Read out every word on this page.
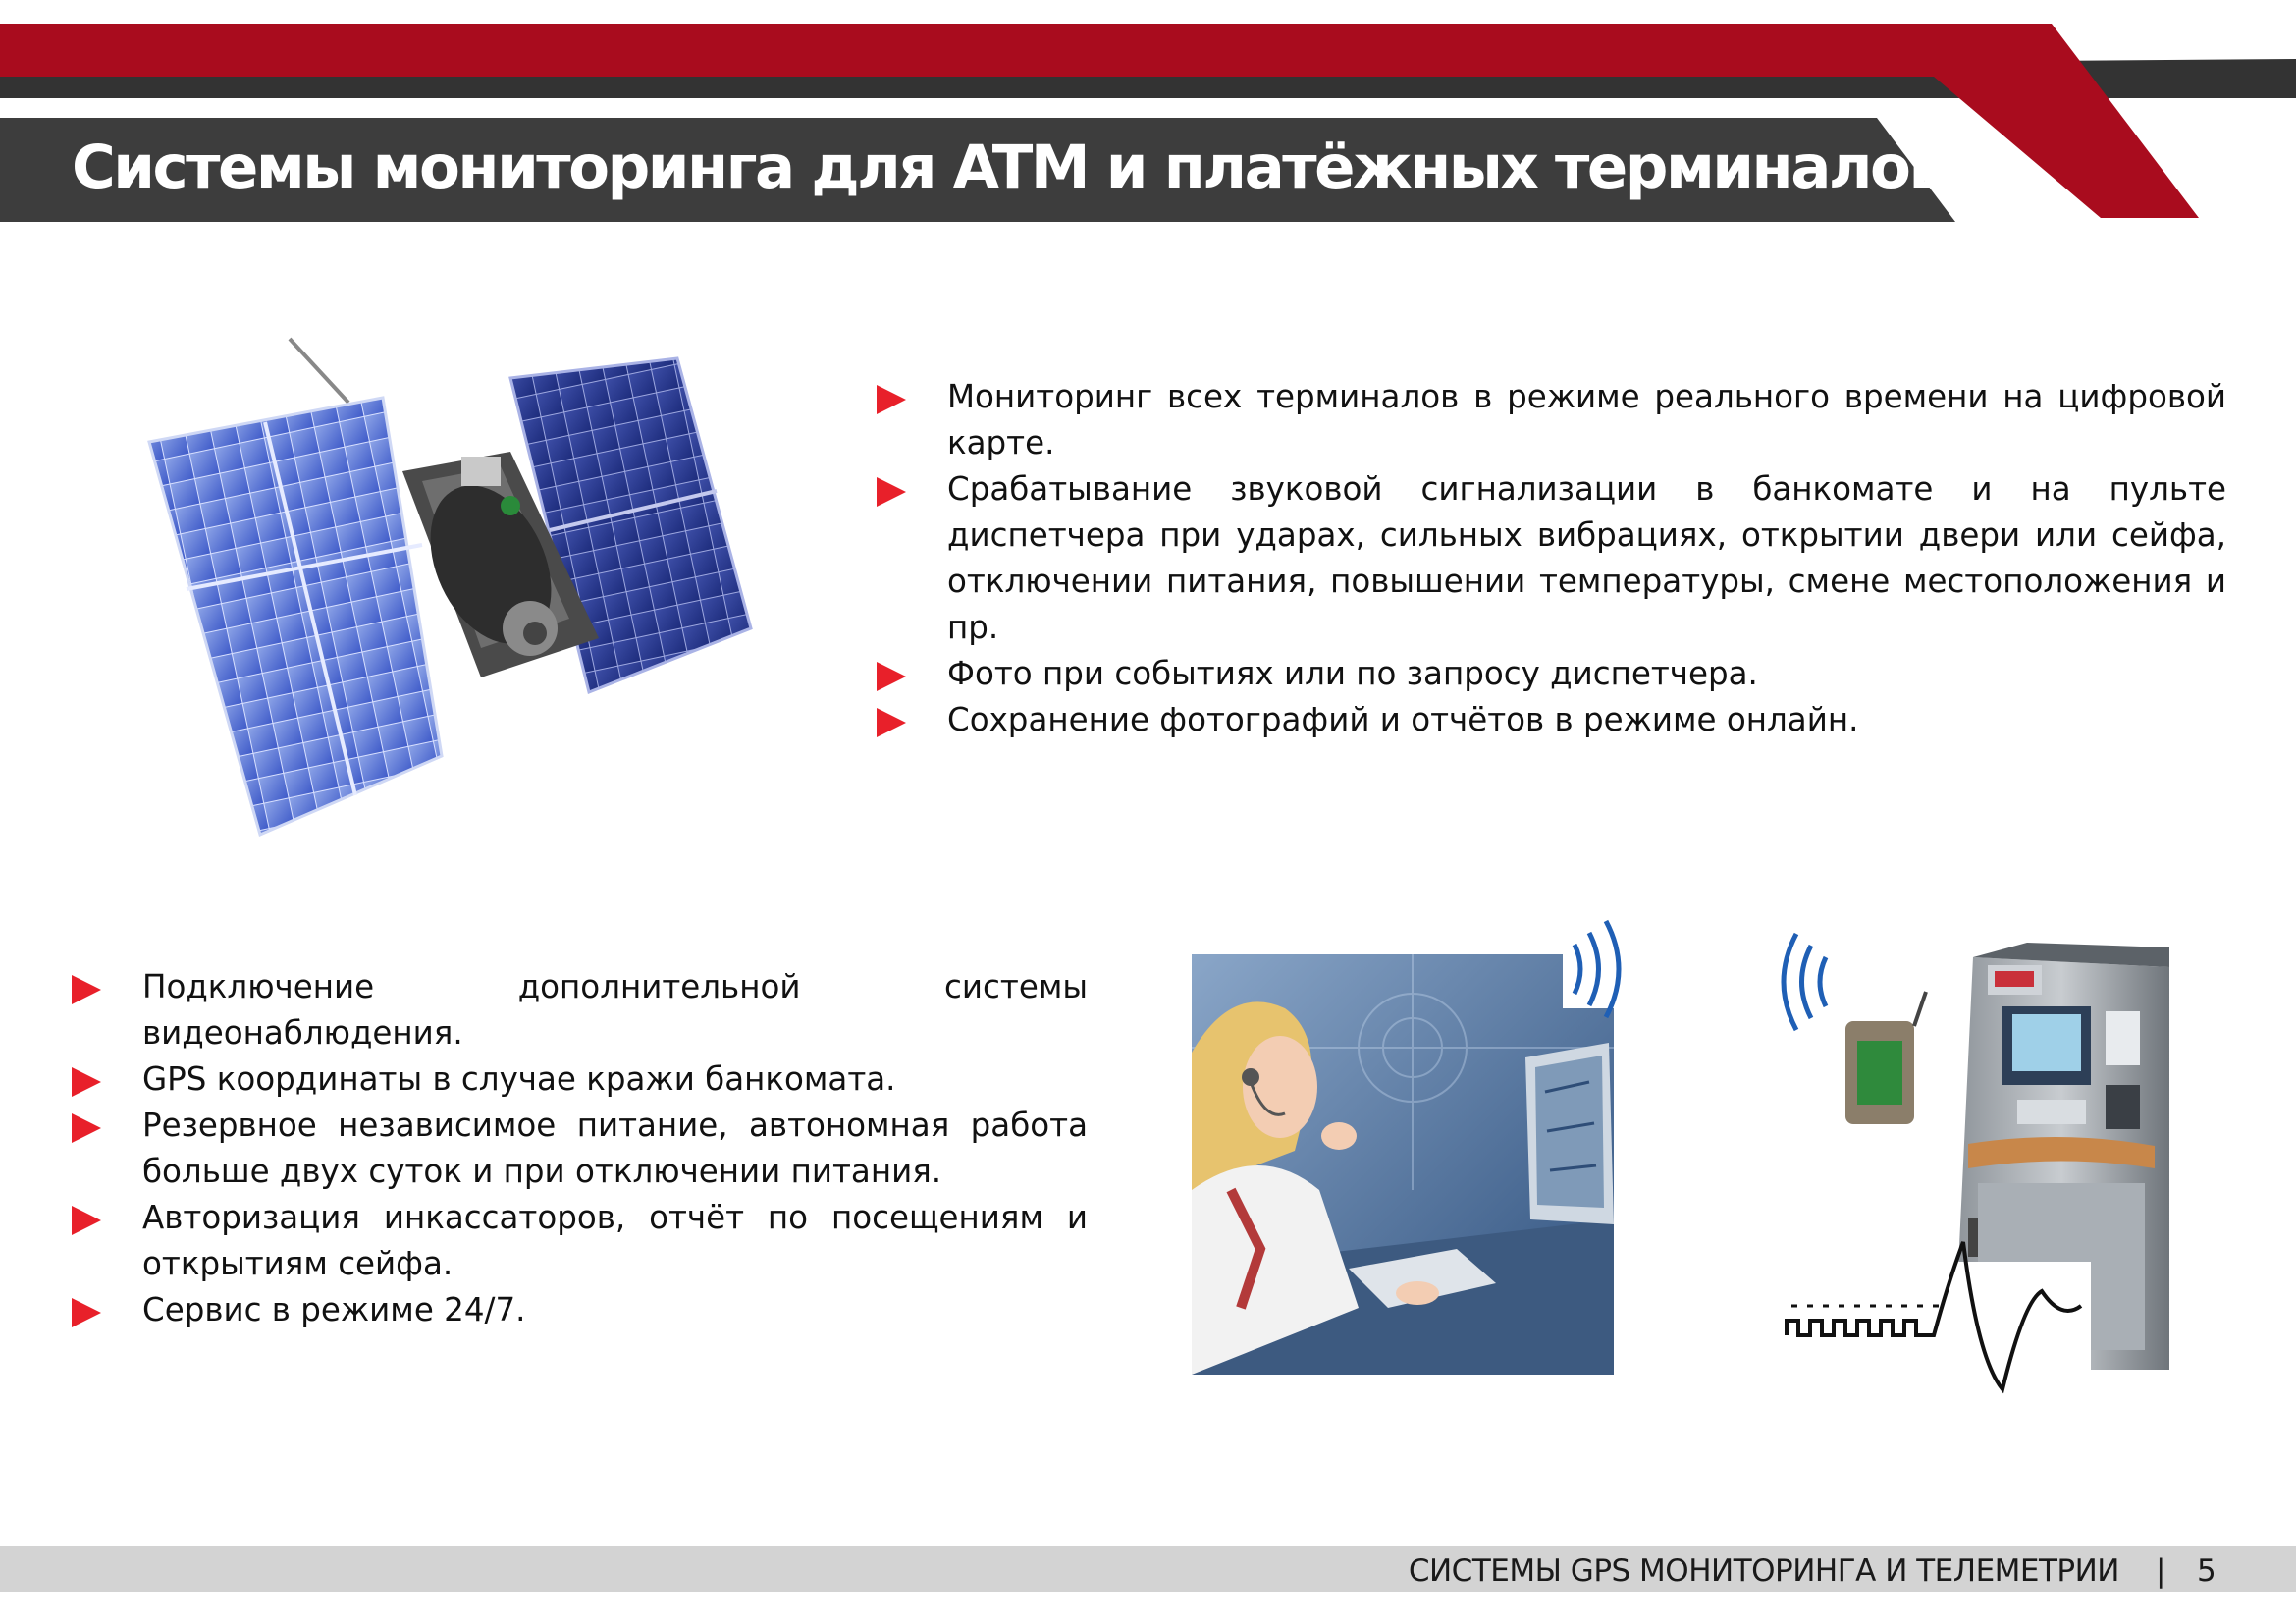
Системы мониторинга для ATM и платёжных терминалов
Мониторинг всех терминалов в режиме реального времени на цифровой карте.
Срабатывание звуковой сигнализации в банкомате и на пульте диспетчера при ударах, сильных вибрациях, открытии двери или сейфа, отключении питания, повышении температуры, смене местоположения и пр.
Фото при событиях или по запросу диспетчера.
Сохранение фотографий и отчётов в режиме онлайн.
Подключение дополнительной системы видеонаблюдения.
GPS координаты в случае кражи банкомата.
Резервное независимое питание, автономная работа больше двух суток и при отключении питания.
Авторизация инкассаторов, отчёт по посещениям и открытиям сейфа.
Сервис в режиме 24/7.
СИСТЕМЫ GPS МОНИТОРИНГА И ТЕЛЕМЕТРИИ | 5
